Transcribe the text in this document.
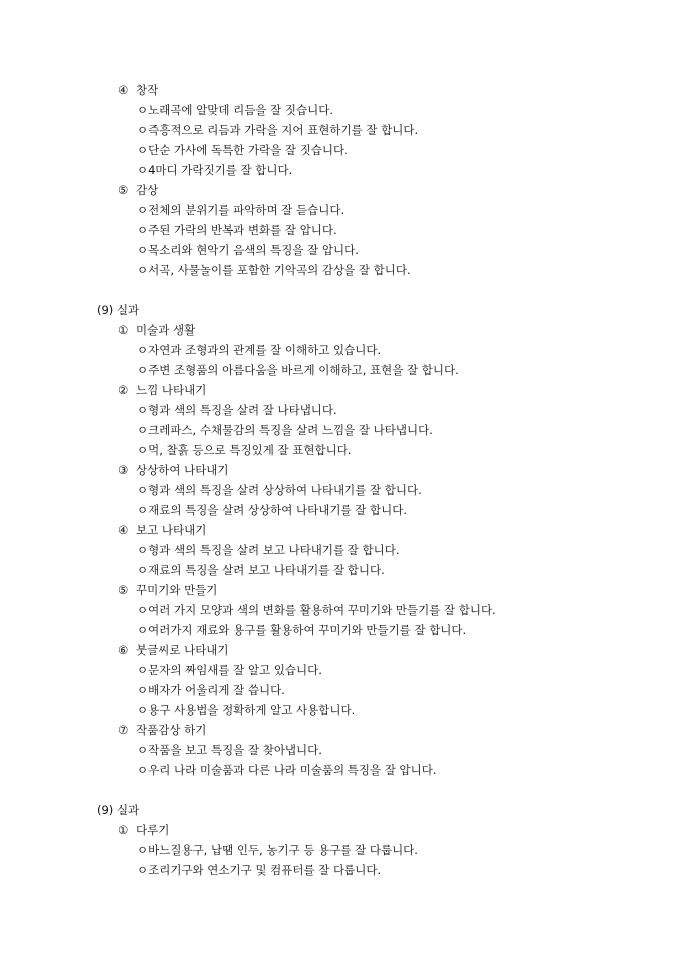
④ 창작
ㅇ노래곡에 알맞데 리듬을 잘 짓습니다.
ㅇ즉흥적으로 리듬과 가락을 지어 표현하기를 잘 합니다.
ㅇ단순 가사에 독특한 가락을 잘 짓습니다.
ㅇ4마디 가락짓기를 잘 합니다.
⑤ 감상
ㅇ전체의 분위기를 파악하며 잘 듣습니다.
ㅇ주된 가락의 반복과 변화를 잘 압니다.
ㅇ목소리와 현악기 음색의 특징을 잘 압니다.
ㅇ서곡, 사물놀이를 포함한 기악곡의 감상을 잘 합니다.
(9) 실과
① 미술과 생활
ㅇ자연과 조형과의 관계를 잘 이해하고 있습니다.
ㅇ주변 조형품의 아름다움을 바르게 이해하고, 표현을 잘 합니다.
② 느낌 나타내기
ㅇ형과 색의 특징을 살려 잘 나타냅니다.
ㅇ크레파스, 수채물감의 특징을 살려 느낌을 잘 나타냅니다.
ㅇ먹, 찰흙 등으로 특징있게 잘 표현합니다.
③ 상상하여 나타내기
ㅇ형과 색의 특징을 살려 상상하여 나타내기를 잘 합니다.
ㅇ재료의 특징을 살려 상상하여 나타내기를 잘 합니다.
④ 보고 나타내기
ㅇ형과 색의 특징을 살려 보고 나타내기를 잘 합니다.
ㅇ재료의 특징을 살려 보고 나타내기를 잘 합니다.
⑤ 꾸미기와 만들기
ㅇ여러 가지 모양과 색의 변화를 활용하여 꾸미기와 만들기를 잘 합니다.
ㅇ여러가지 재료와 용구를 활용하여 꾸미기와 만들기를 잘 합니다.
⑥ 붓글씨로 나타내기
ㅇ문자의 짜임새를 잘 알고 있습니다.
ㅇ배자가 어울리게 잘 씁니다.
ㅇ용구 사용법을 정확하게 알고 사용합니다.
⑦ 작품감상 하기
ㅇ작품을 보고 특징을 잘 찾아냅니다.
ㅇ우리 나라 미술품과 다른 나라 미술품의 특징을 잘 압니다.
(9) 실과
① 다루기
ㅇ바느질용구, 납땜 인두, 농기구 등 용구를 잘 다룹니다.
ㅇ조리기구와 연소기구 및 컴퓨터를 잘 다룹니다.
